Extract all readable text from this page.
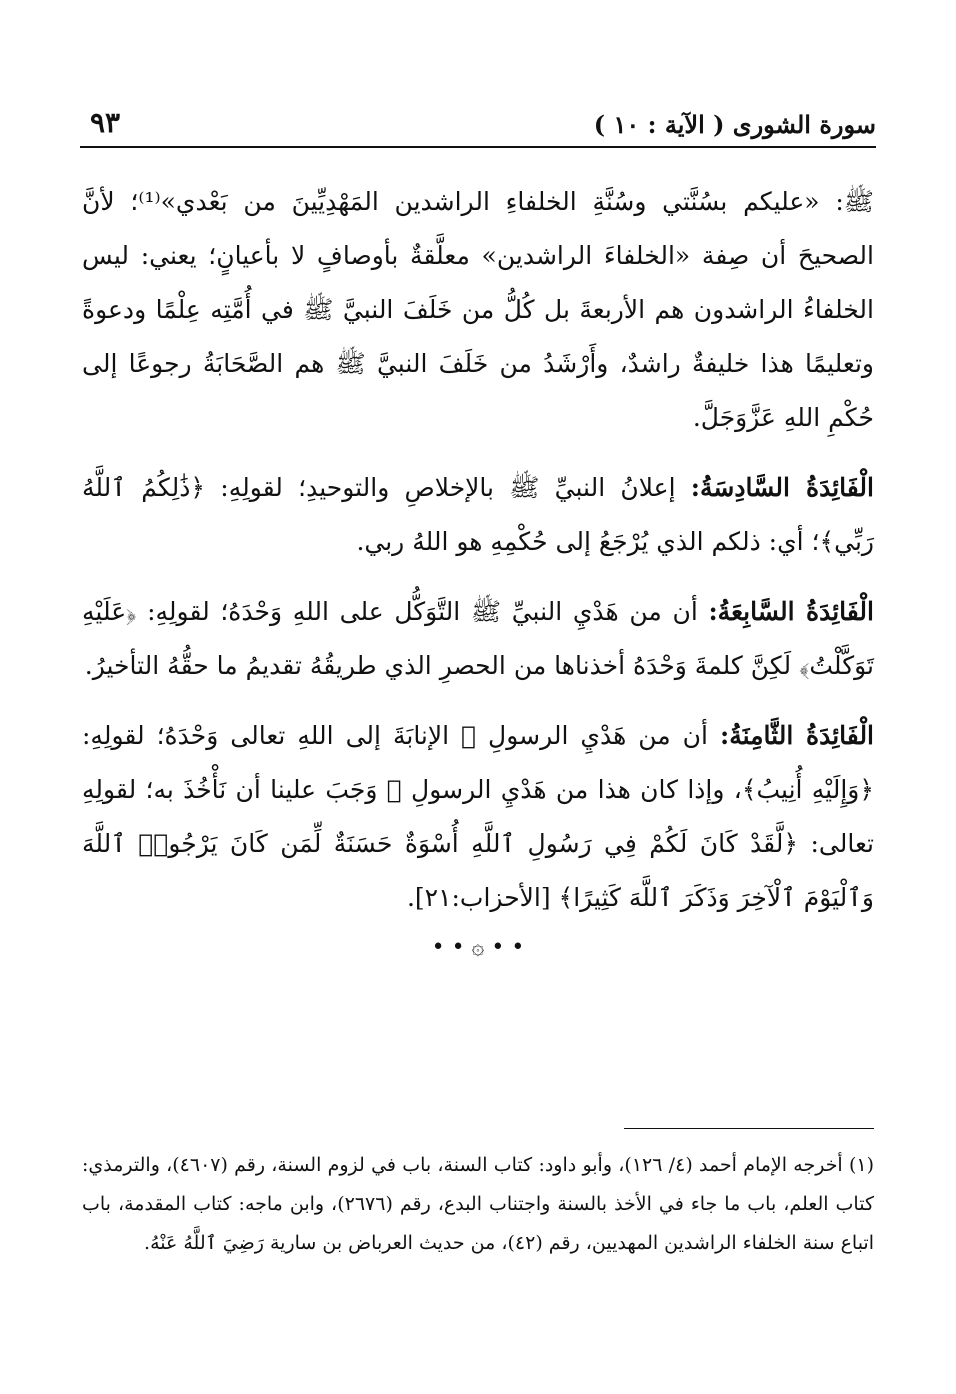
سورة الشورى ( الآية : ١٠ )
٩٣

ﷺ: «عليكم بسُنَّتي وسُنَّةِ الخلفاءِ الراشدين المَهْدِيِّينَ من بَعْدي»⁽¹⁾؛ لأنَّ الصحيحَ أن صِفة «الخلفاءَ الراشدين» معلَّقةٌ بأوصافٍ لا بأعيانٍ؛ يعني: ليس الخلفاءُ الراشدون هم الأربعةَ بل كُلُّ من خَلَفَ النبيَّ ﷺ في أُمَّتِه عِلْمًا ودعوةً وتعليمًا هذا خليفةٌ راشدٌ، وأَرْشَدُ من خَلَفَ النبيَّ ﷺ هم الصَّحَابَةُ رجوعًا إلى حُكْمِ اللهِ عَزَّوَجَلَّ.

الْفَائِدَةُ السَّادِسَةُ: إعلانُ النبيِّ ﷺ بالإخلاصِ والتوحيدِ؛ لقولِهِ: ﴿ذَٰلِكُمُ ٱللَّهُ رَبِّي﴾؛ أي: ذلكم الذي يُرْجَعُ إلى حُكْمِهِ هو اللهُ ربي.

الْفَائِدَةُ السَّابِعَةُ: أن من هَدْيِ النبيِّ ﷺ التَّوَكُّل على اللهِ وَحْدَهُ؛ لقولِهِ: ﴿عَلَيْهِ تَوَكَّلْتُ﴾ لَكِنَّ كلمةَ وَحْدَهُ أخذناها من الحصرِ الذي طريقُهُ تقديمُ ما حقُّهُ التأخيرُ.

الْفَائِدَةُ الثَّامِنَةُ: أن من هَدْيِ الرسولِ ﷺ الإنابَةَ إلى اللهِ تعالى وَحْدَهُ؛ لقولِهِ: ﴿وَإِلَيْهِ أُنِيبُ﴾، وإذا كان هذا من هَدْيِ الرسولِ ﷺ وَجَبَ علينا أن نَأْخُذَ به؛ لقولِهِ تعالى: ﴿لَّقَدْ كَانَ لَكُمْ فِي رَسُولِ ٱللَّهِ أُسْوَةٌ حَسَنَةٌ لِّمَن كَانَ يَرْجُوا۟ ٱللَّهَ وَٱلْيَوْمَ ٱلْآخِرَ وَذَكَرَ ٱللَّهَ كَثِيرًا﴾ [الأحزاب:٢١].

• • ۞ • •
(١) أخرجه الإمام أحمد (٤/ ١٢٦)، وأبو داود: كتاب السنة، باب في لزوم السنة، رقم (٤٦٠٧)، والترمذي: كتاب العلم، باب ما جاء في الأخذ بالسنة واجتناب البدع، رقم (٢٦٧٦)، وابن ماجه: كتاب المقدمة، باب اتباع سنة الخلفاء الراشدين المهديين، رقم (٤٢)، من حديث العرباض بن سارية رَضِيَ ٱللَّهُ عَنْهُ.
